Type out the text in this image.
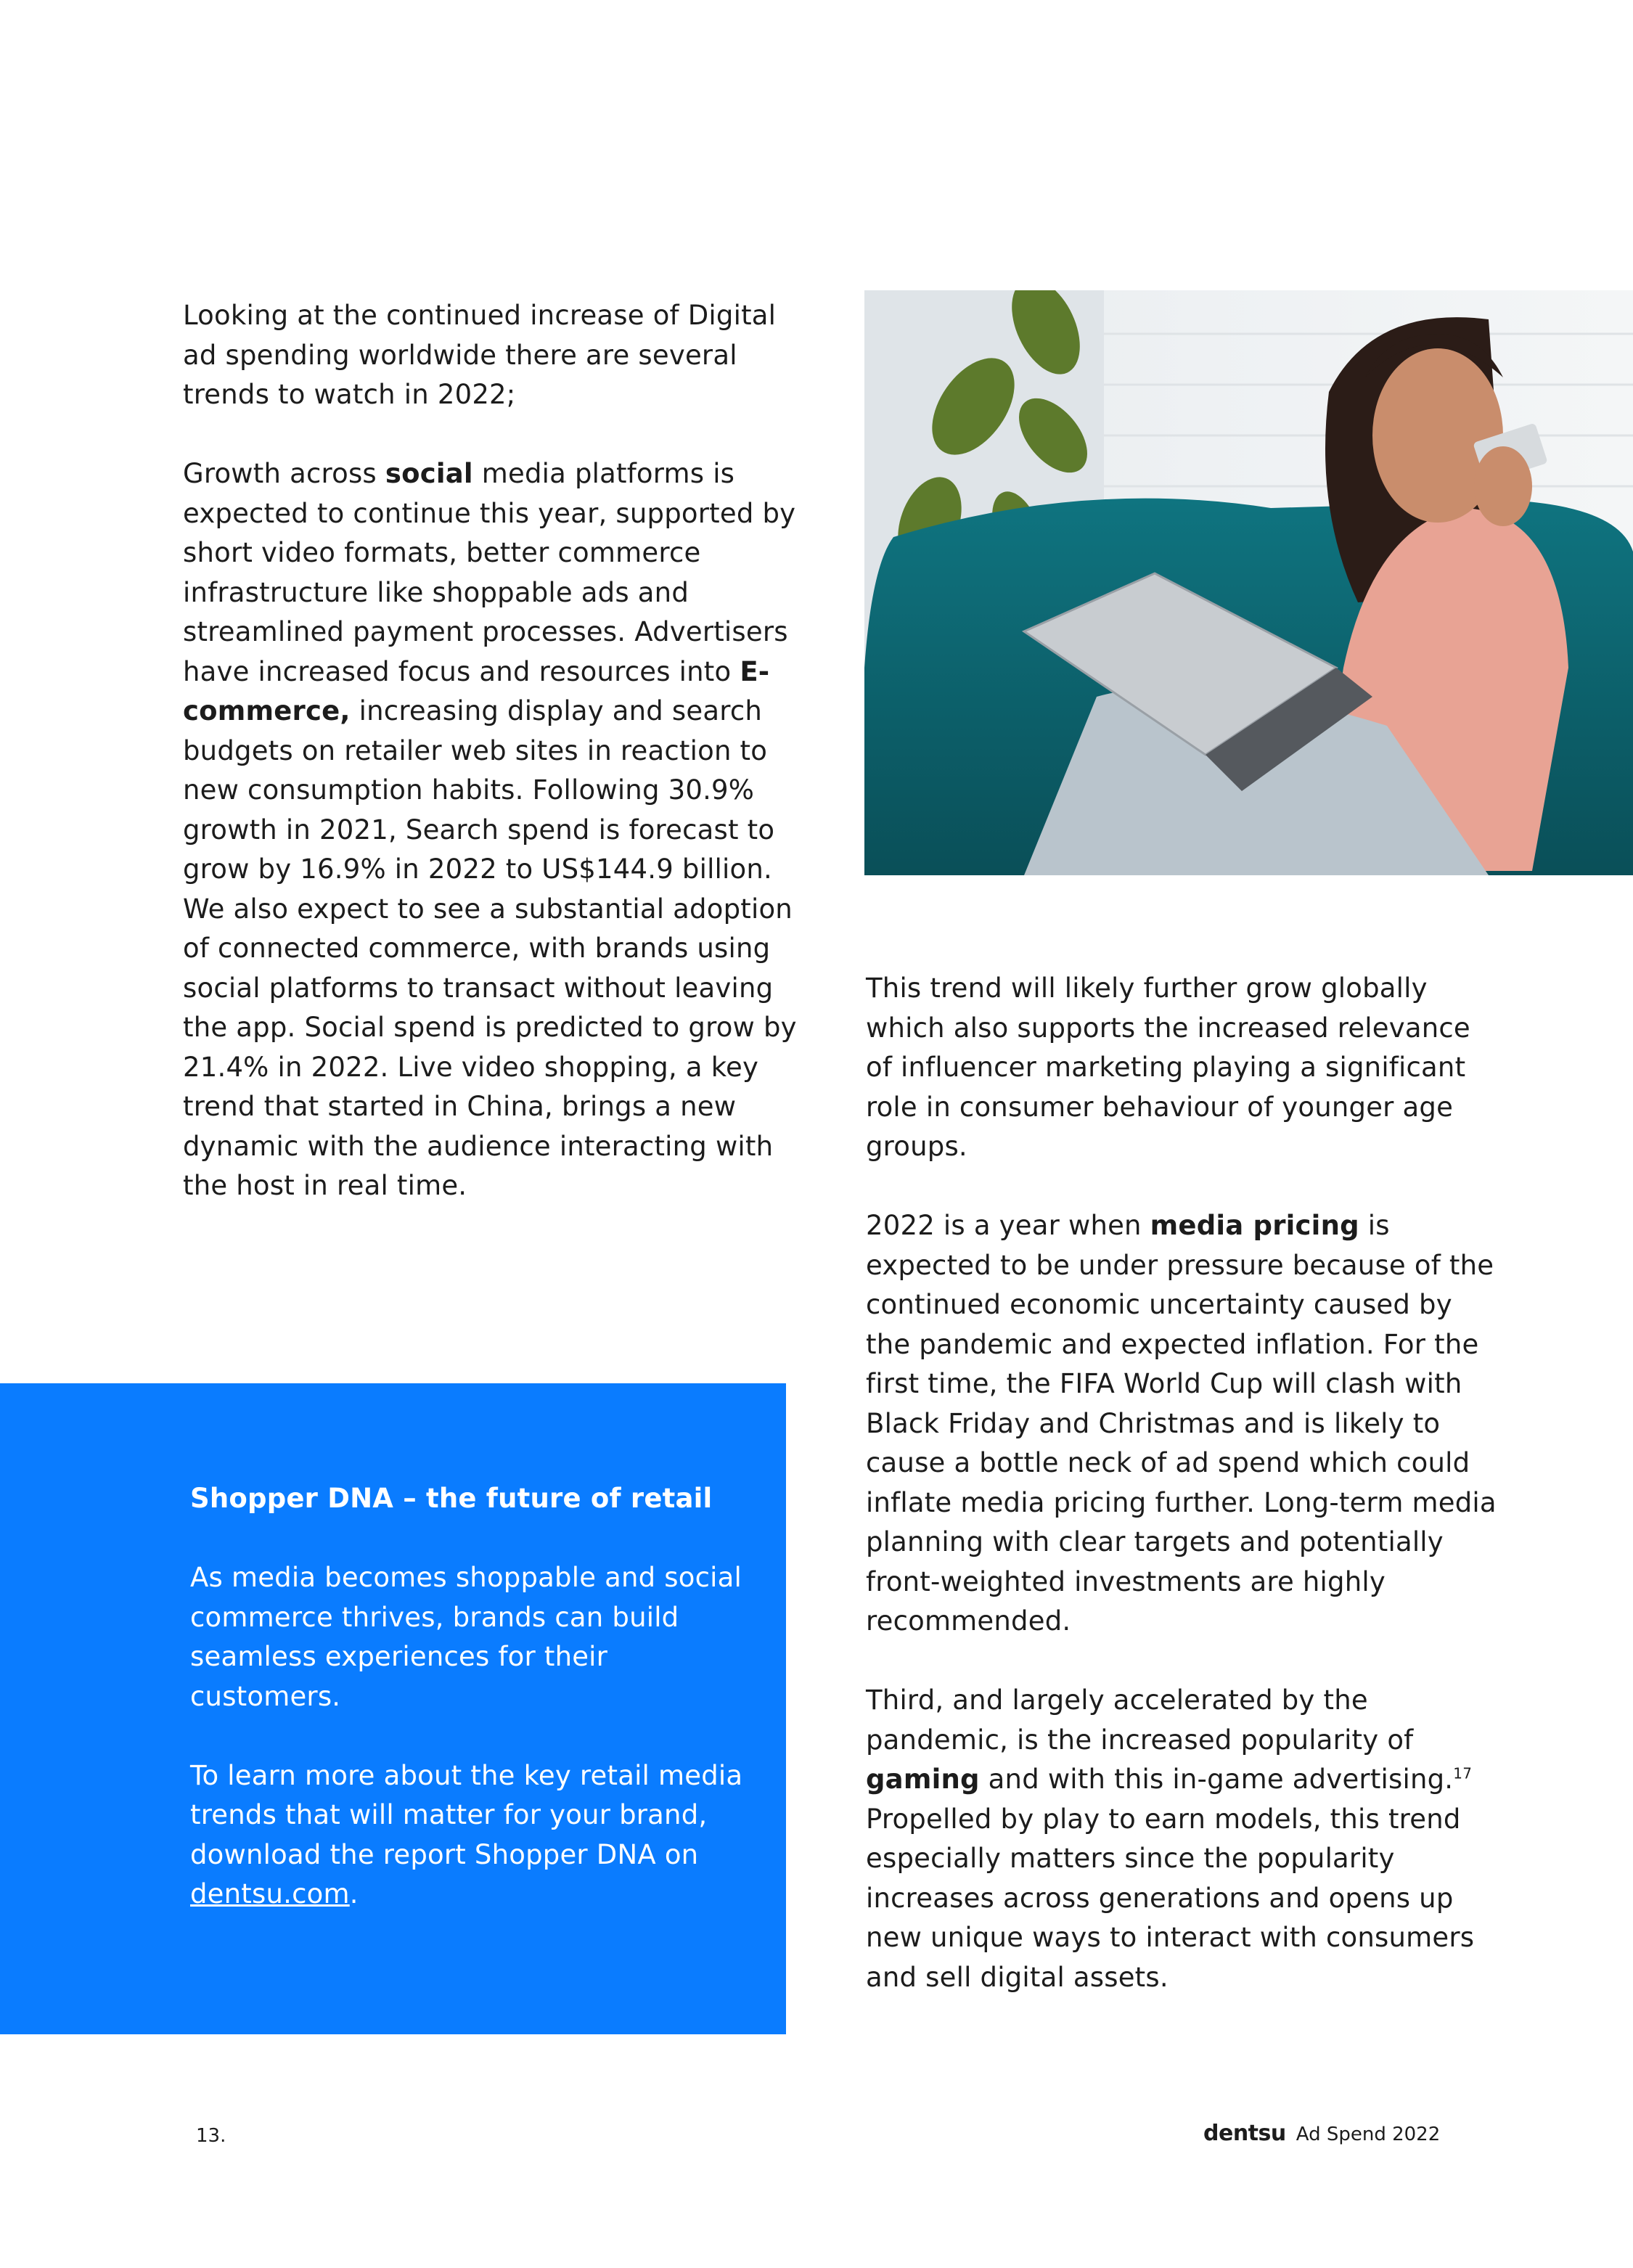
Looking at the continued increase of Digital ad spending worldwide there are several trends to watch in 2022;

Growth across social media platforms is expected to continue this year, supported by short video formats, better commerce infrastructure like shoppable ads and streamlined payment processes. Advertisers have increased focus and resources into E-commerce, increasing display and search budgets on retailer web sites in reaction to new consumption habits. Following 30.9% growth in 2021, Search spend is forecast to grow by 16.9% in 2022 to US$144.9 billion. We also expect to see a substantial adoption of connected commerce, with brands using social platforms to transact without leaving the app. Social spend is predicted to grow by 21.4% in 2022. Live video shopping, a key trend that started in China, brings a new dynamic with the audience interacting with the host in real time.

This trend will likely further grow globally which also supports the increased relevance of influencer marketing playing a significant role in consumer behaviour of younger age groups.

2022 is a year when media pricing is expected to be under pressure because of the continued economic uncertainty caused by the pandemic and expected inflation. For the first time, the FIFA World Cup will clash with Black Friday and Christmas and is likely to cause a bottle neck of ad spend which could inflate media pricing further. Long-term media planning with clear targets and potentially front-weighted investments are highly recommended.

Third, and largely accelerated by the pandemic, is the increased popularity of gaming and with this in-game advertising.$^{17}$ Propelled by play to earn models, this trend especially matters since the popularity increases across generations and opens up new unique ways to interact with consumers and sell digital assets.

Shopper DNA – the future of retail

As media becomes shoppable and social commerce thrives, brands can build seamless experiences for their customers.

To learn more about the key retail media trends that will matter for your brand, download the report Shopper DNA on dentsu.com.

13.	dentsu Ad Spend 2022
